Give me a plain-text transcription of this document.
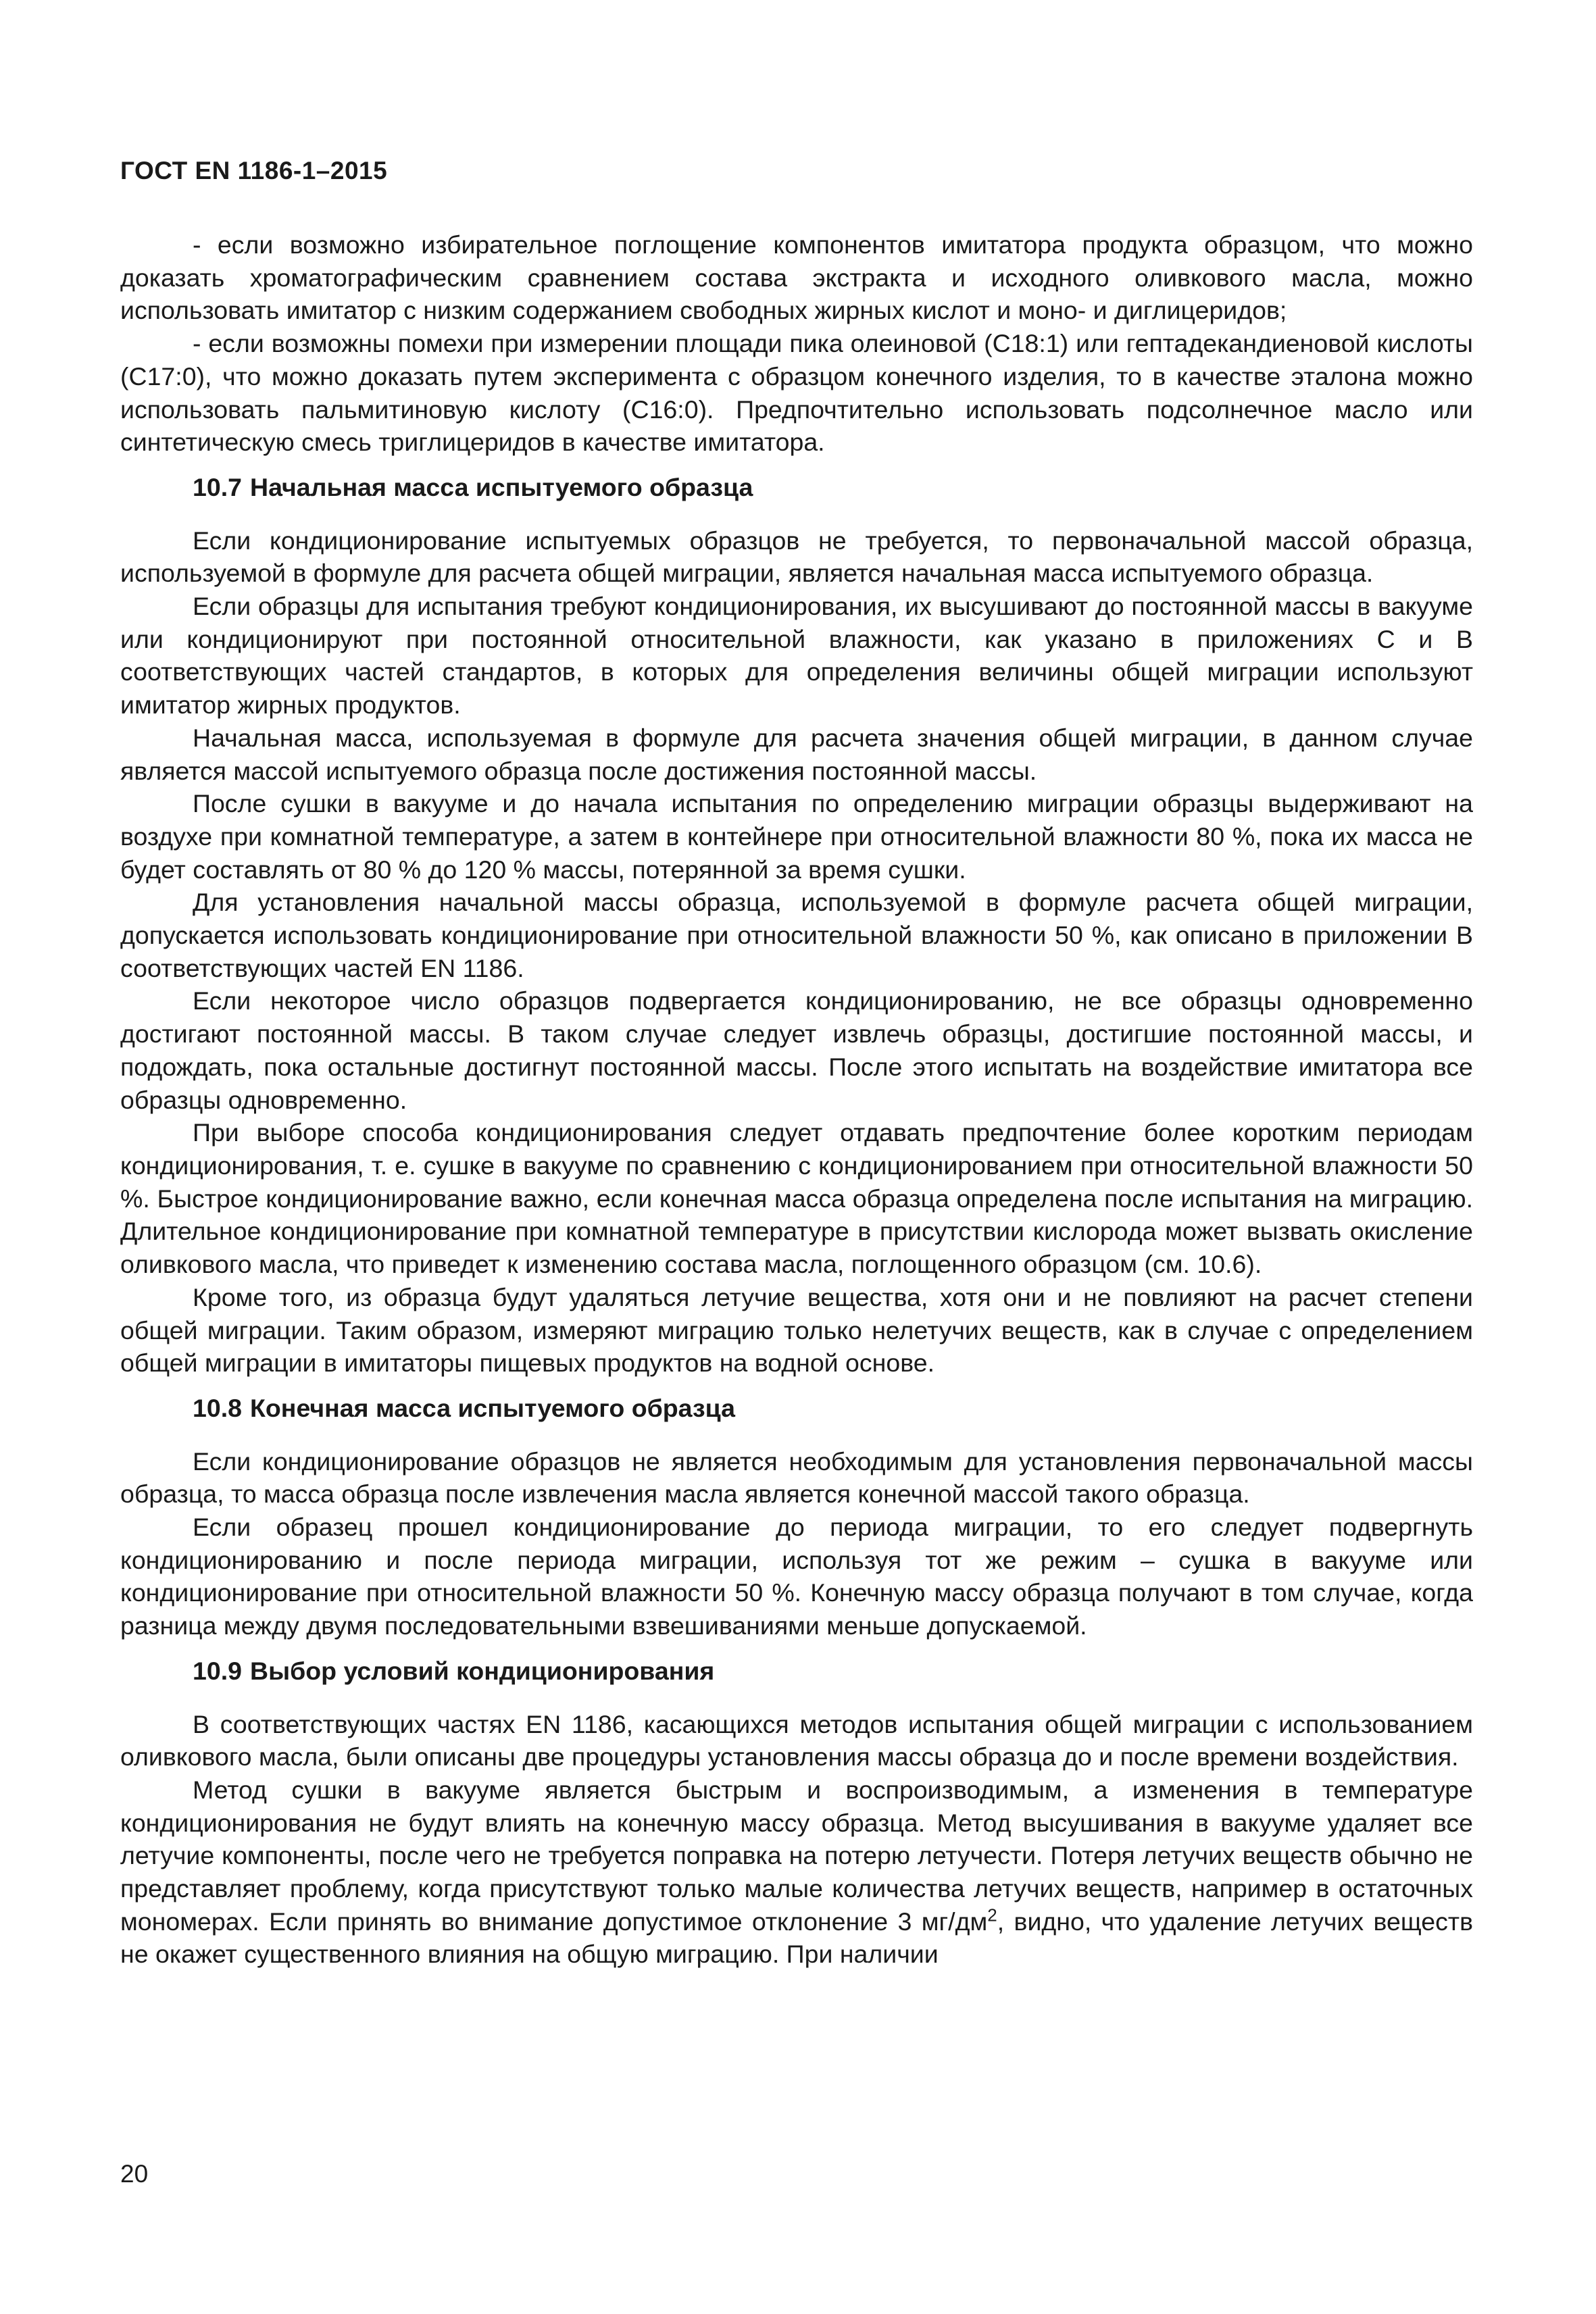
ГОСТ EN 1186-1–2015

- если возможно избирательное поглощение компонентов имитатора продукта образцом, что можно доказать хроматографическим сравнением состава экстракта и исходного оливкового масла, можно использовать имитатор с низким содержанием свободных жирных кислот и моно- и диглицеридов;

- если возможны помехи при измерении площади пика олеиновой (С18:1) или гептадекандиеновой кислоты (С17:0), что можно доказать путем эксперимента с образцом конечного изделия, то в качестве эталона можно использовать пальмитиновую кислоту (С16:0). Предпочтительно использовать подсолнечное масло или синтетическую смесь триглицеридов в качестве имитатора.

10.7 Начальная масса испытуемого образца

Если кондиционирование испытуемых образцов не требуется, то первоначальной массой образца, используемой в формуле для расчета общей миграции, является начальная масса испытуемого образца.

Если образцы для испытания требуют кондиционирования, их высушивают до постоянной массы в вакууме или кондиционируют при постоянной относительной влажности, как указано в приложениях С и В соответствующих частей стандартов, в которых для определения величины общей миграции используют имитатор жирных продуктов.

Начальная масса, используемая в формуле для расчета значения общей миграции, в данном случае является массой испытуемого образца после достижения постоянной массы.

После сушки в вакууме и до начала испытания по определению миграции образцы выдерживают на воздухе при комнатной температуре, а затем в контейнере при относительной влажности 80 %, пока их масса не будет составлять от 80 % до 120 % массы, потерянной за время сушки.

Для установления начальной массы образца, используемой в формуле расчета общей миграции, допускается использовать кондиционирование при относительной влажности 50 %, как описано в приложении В соответствующих частей EN 1186.

Если некоторое число образцов подвергается кондиционированию, не все образцы одновременно достигают постоянной массы. В таком случае следует извлечь образцы, достигшие постоянной массы, и подождать, пока остальные достигнут постоянной массы. После этого испытать на воздействие имитатора все образцы одновременно.

При выборе способа кондиционирования следует отдавать предпочтение более коротким периодам кондиционирования, т. е. сушке в вакууме по сравнению с кондиционированием при относительной влажности 50 %. Быстрое кондиционирование важно, если конечная масса образца определена после испытания на миграцию. Длительное кондиционирование при комнатной температуре в присутствии кислорода может вызвать окисление оливкового масла, что приведет к изменению состава масла, поглощенного образцом (см. 10.6).

Кроме того, из образца будут удаляться летучие вещества, хотя они и не повлияют на расчет степени общей миграции. Таким образом, измеряют миграцию только нелетучих веществ, как в случае с определением общей миграции в имитаторы пищевых продуктов на водной основе.

10.8 Конечная масса испытуемого образца

Если кондиционирование образцов не является необходимым для установления первоначальной массы образца, то масса образца после извлечения масла является конечной массой такого образца.

Если образец прошел кондиционирование до периода миграции, то его следует подвергнуть кондиционированию и после периода миграции, используя тот же режим – сушка в вакууме или кондиционирование при относительной влажности 50 %. Конечную массу образца получают в том случае, когда разница между двумя последовательными взвешиваниями меньше допускаемой.

10.9 Выбор условий кондиционирования

В соответствующих частях EN 1186, касающихся методов испытания общей миграции с использованием оливкового масла, были описаны две процедуры установления массы образца до и после времени воздействия.

Метод сушки в вакууме является быстрым и воспроизводимым, а изменения в температуре кондиционирования не будут влиять на конечную массу образца. Метод высушивания в вакууме удаляет все летучие компоненты, после чего не требуется поправка на потерю летучести. Потеря летучих веществ обычно не представляет проблему, когда присутствуют только малые количества летучих веществ, например в остаточных мономерах. Если принять во внимание допустимое отклонение 3 $мг/дм^2$, видно, что удаление летучих веществ не окажет существенного влияния на общую миграцию. При наличии

20
